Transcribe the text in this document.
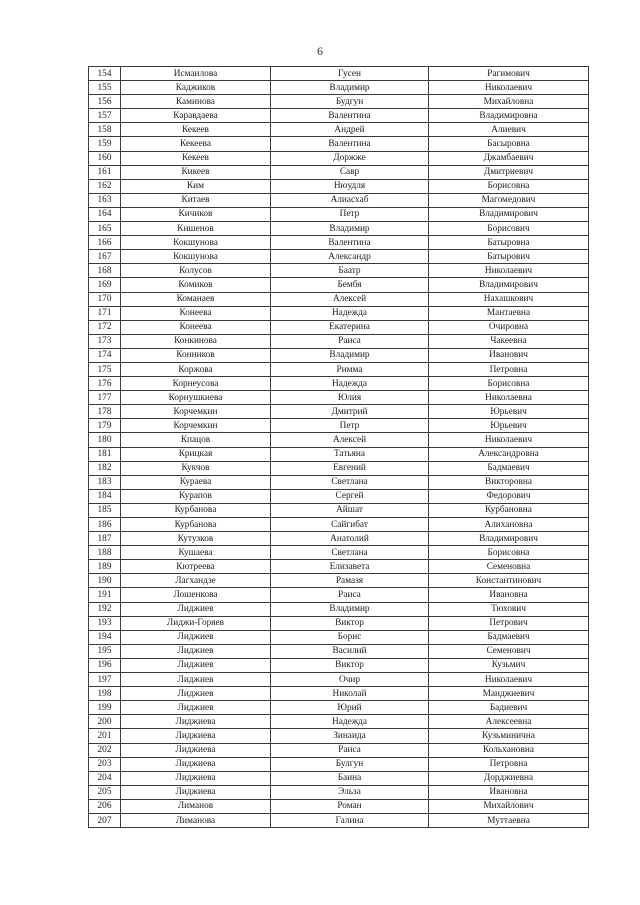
6
154	Исмаилова	Гусен	Рагимович
155	Каджиков	Владимир	Николаевич
156	Каминова	Будгун	Михайловна
157	Каравдаева	Валентина	Владимировна
158	Кекеев	Андрей	Алиевич
159	Кекеева	Валентина	Басыровна
160	Кекеев	Доржже	Джамбаевич
161	Кикеев	Савр	Дмитриевич
162	Ким	Нюудля	Борисовна
163	Китаев	Алиасхаб	Магомедович
164	Кичиков	Петр	Владимирович
165	Кишенов	Владимир	Борисович
166	Кокшунова	Валентина	Батыровна
167	Кокшунова	Александр	Батырович
168	Колусов	Баатр	Николаевич
169	Комиков	Бембя	Владимирович
170	Команаев	Алексей	Нахашкович
171	Конеева	Надежда	Мантаевна
172	Конеева	Екатерина	Очировна
173	Конкинова	Раиса	Чакеевна
174	Конников	Владимир	Иванович
175	Коржова	Римма	Петровна
176	Корнеусова	Надежда	Борисовна
177	Корнушкиева	Юлия	Николаевна
178	Корчемкин	Дмитрий	Юрьевич
179	Корчемкин	Петр	Юрьевич
180	Кпацов	Алексей	Николаевич
181	Крицкая	Татьяна	Александровна
182	Кукчов	Евгений	Бадмаевич
183	Кураева	Светлана	Викторовна
184	Курапов	Сергей	Федорович
185	Курбанова	Айшат	Курбановна
186	Курбанова	Сайгибат	Алихановна
187	Кутузков	Анатолий	Владимирович
188	Кушаева	Светлана	Борисовна
189	Кютреева	Елизавета	Семеновна
190	Лагхандзе	Рамазя	Константинович
191	Лошенкова	Раиса	Ивановна
192	Лиджиев	Владимир	Тюхович
193	Лиджи-Горяев	Виктор	Петрович
194	Лиджиев	Борис	Бадмаевич
195	Лиджиев	Василий	Семенович
196	Лиджиев	Виктор	Кузьмич
197	Лиджиев	Очир	Николаевич
198	Лиджиев	Николай	Манджиевич
199	Лиджиев	Юрий	Бадиевич
200	Лиджиева	Надежда	Алексеевна
201	Лиджиева	Зинаида	Кузьминична
202	Лиджиева	Раиса	Кольхановна
203	Лиджиева	Булгун	Петровна
204	Лиджиева	Баина	Дорджиевна
205	Лиджиева	Эльза	Ивановна
206	Лиманов	Роман	Михайлович
207	Лиманова	Галина	Муттаевна
